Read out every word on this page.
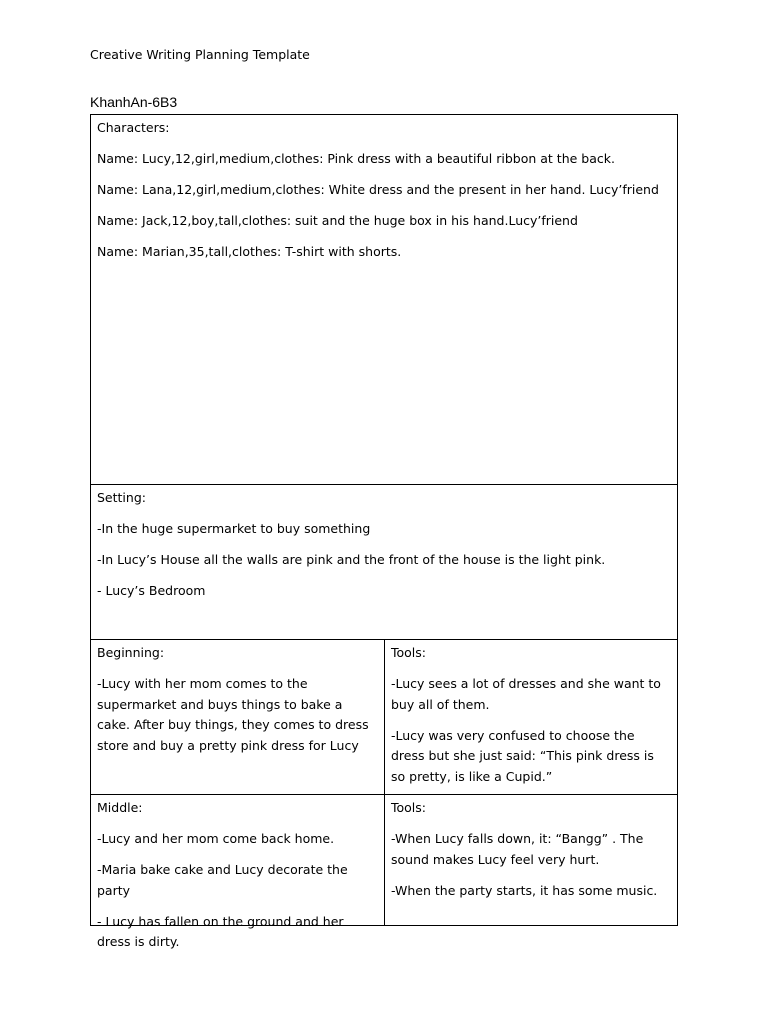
Creative Writing Planning Template
KhanhAn-6B3

Characters:

Name: Lucy,12,girl,medium,clothes: Pink dress with a beautiful ribbon at the back.

Name: Lana,12,girl,medium,clothes: White dress and the present in her hand. Lucy’friend

Name: Jack,12,boy,tall,clothes: suit and the huge box in his hand.Lucy’friend

Name: Marian,35,tall,clothes: T-shirt with shorts.

Setting:

-In the huge supermarket to buy something

-In Lucy’s House all the walls are pink and the front of the house is the light pink.

- Lucy’s Bedroom

Beginning:

-Lucy with her mom comes to the supermarket and buys things to bake a cake. After buy things, they comes to dress store and buy a pretty pink dress for Lucy

Tools:

-Lucy sees a lot of dresses and she want to buy all of them.

-Lucy was very confused to choose the dress but she just said: “This pink dress is so pretty, is like a Cupid.”

Middle:

-Lucy and her mom come back home.

-Maria bake cake and Lucy decorate the party

- Lucy has fallen on the ground and her dress is dirty.

Tools:

-When Lucy falls down, it: “Bangg” . The sound makes Lucy feel very hurt.

-When the party starts, it has some music.
